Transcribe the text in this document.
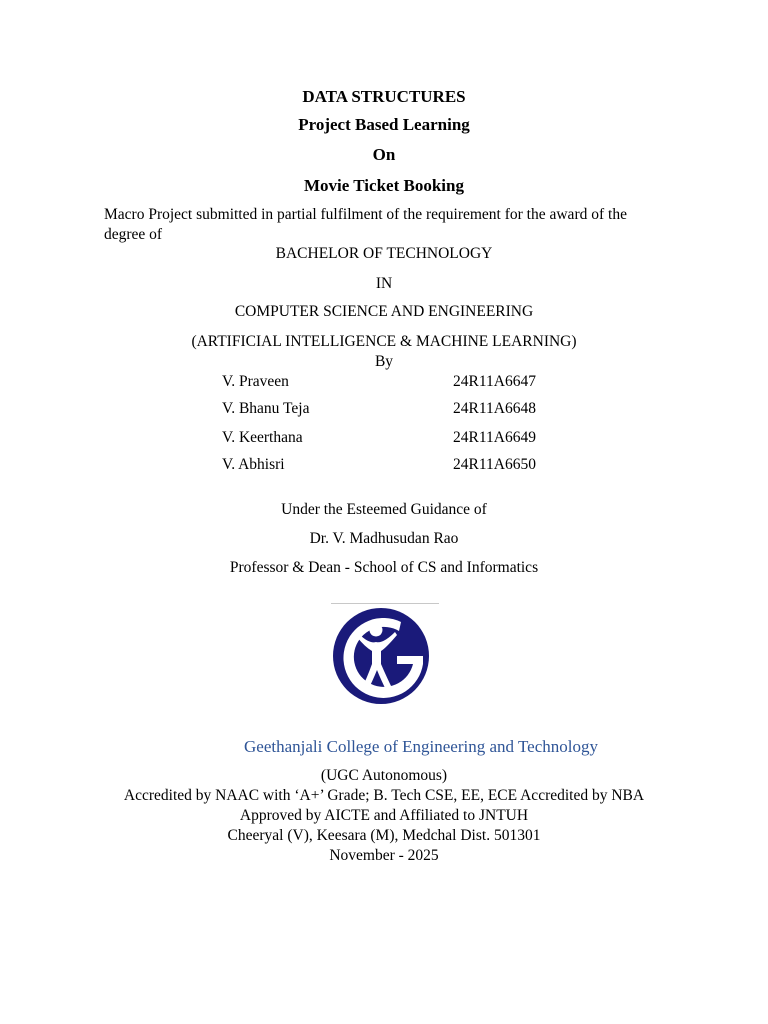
DATA STRUCTURES
Project Based Learning
On
Movie Ticket Booking
Macro Project submitted in partial fulfilment of the requirement for the award of the
degree of
BACHELOR OF TECHNOLOGY
IN
COMPUTER SCIENCE AND ENGINEERING
(ARTIFICIAL INTELLIGENCE & MACHINE LEARNING)
By
V. Praveen	24R11A6647
V. Bhanu Teja	24R11A6648
V. Keerthana	24R11A6649
V. Abhisri	24R11A6650
Under the Esteemed Guidance of
Dr. V. Madhusudan Rao
Professor & Dean - School of CS and Informatics
Geethanjali College of Engineering and Technology
(UGC Autonomous)
Accredited by NAAC with ‘A+’ Grade; B. Tech CSE, EE, ECE Accredited by NBA
Approved by AICTE and Affiliated to JNTUH
Cheeryal (V), Keesara (M), Medchal Dist. 501301
November - 2025
